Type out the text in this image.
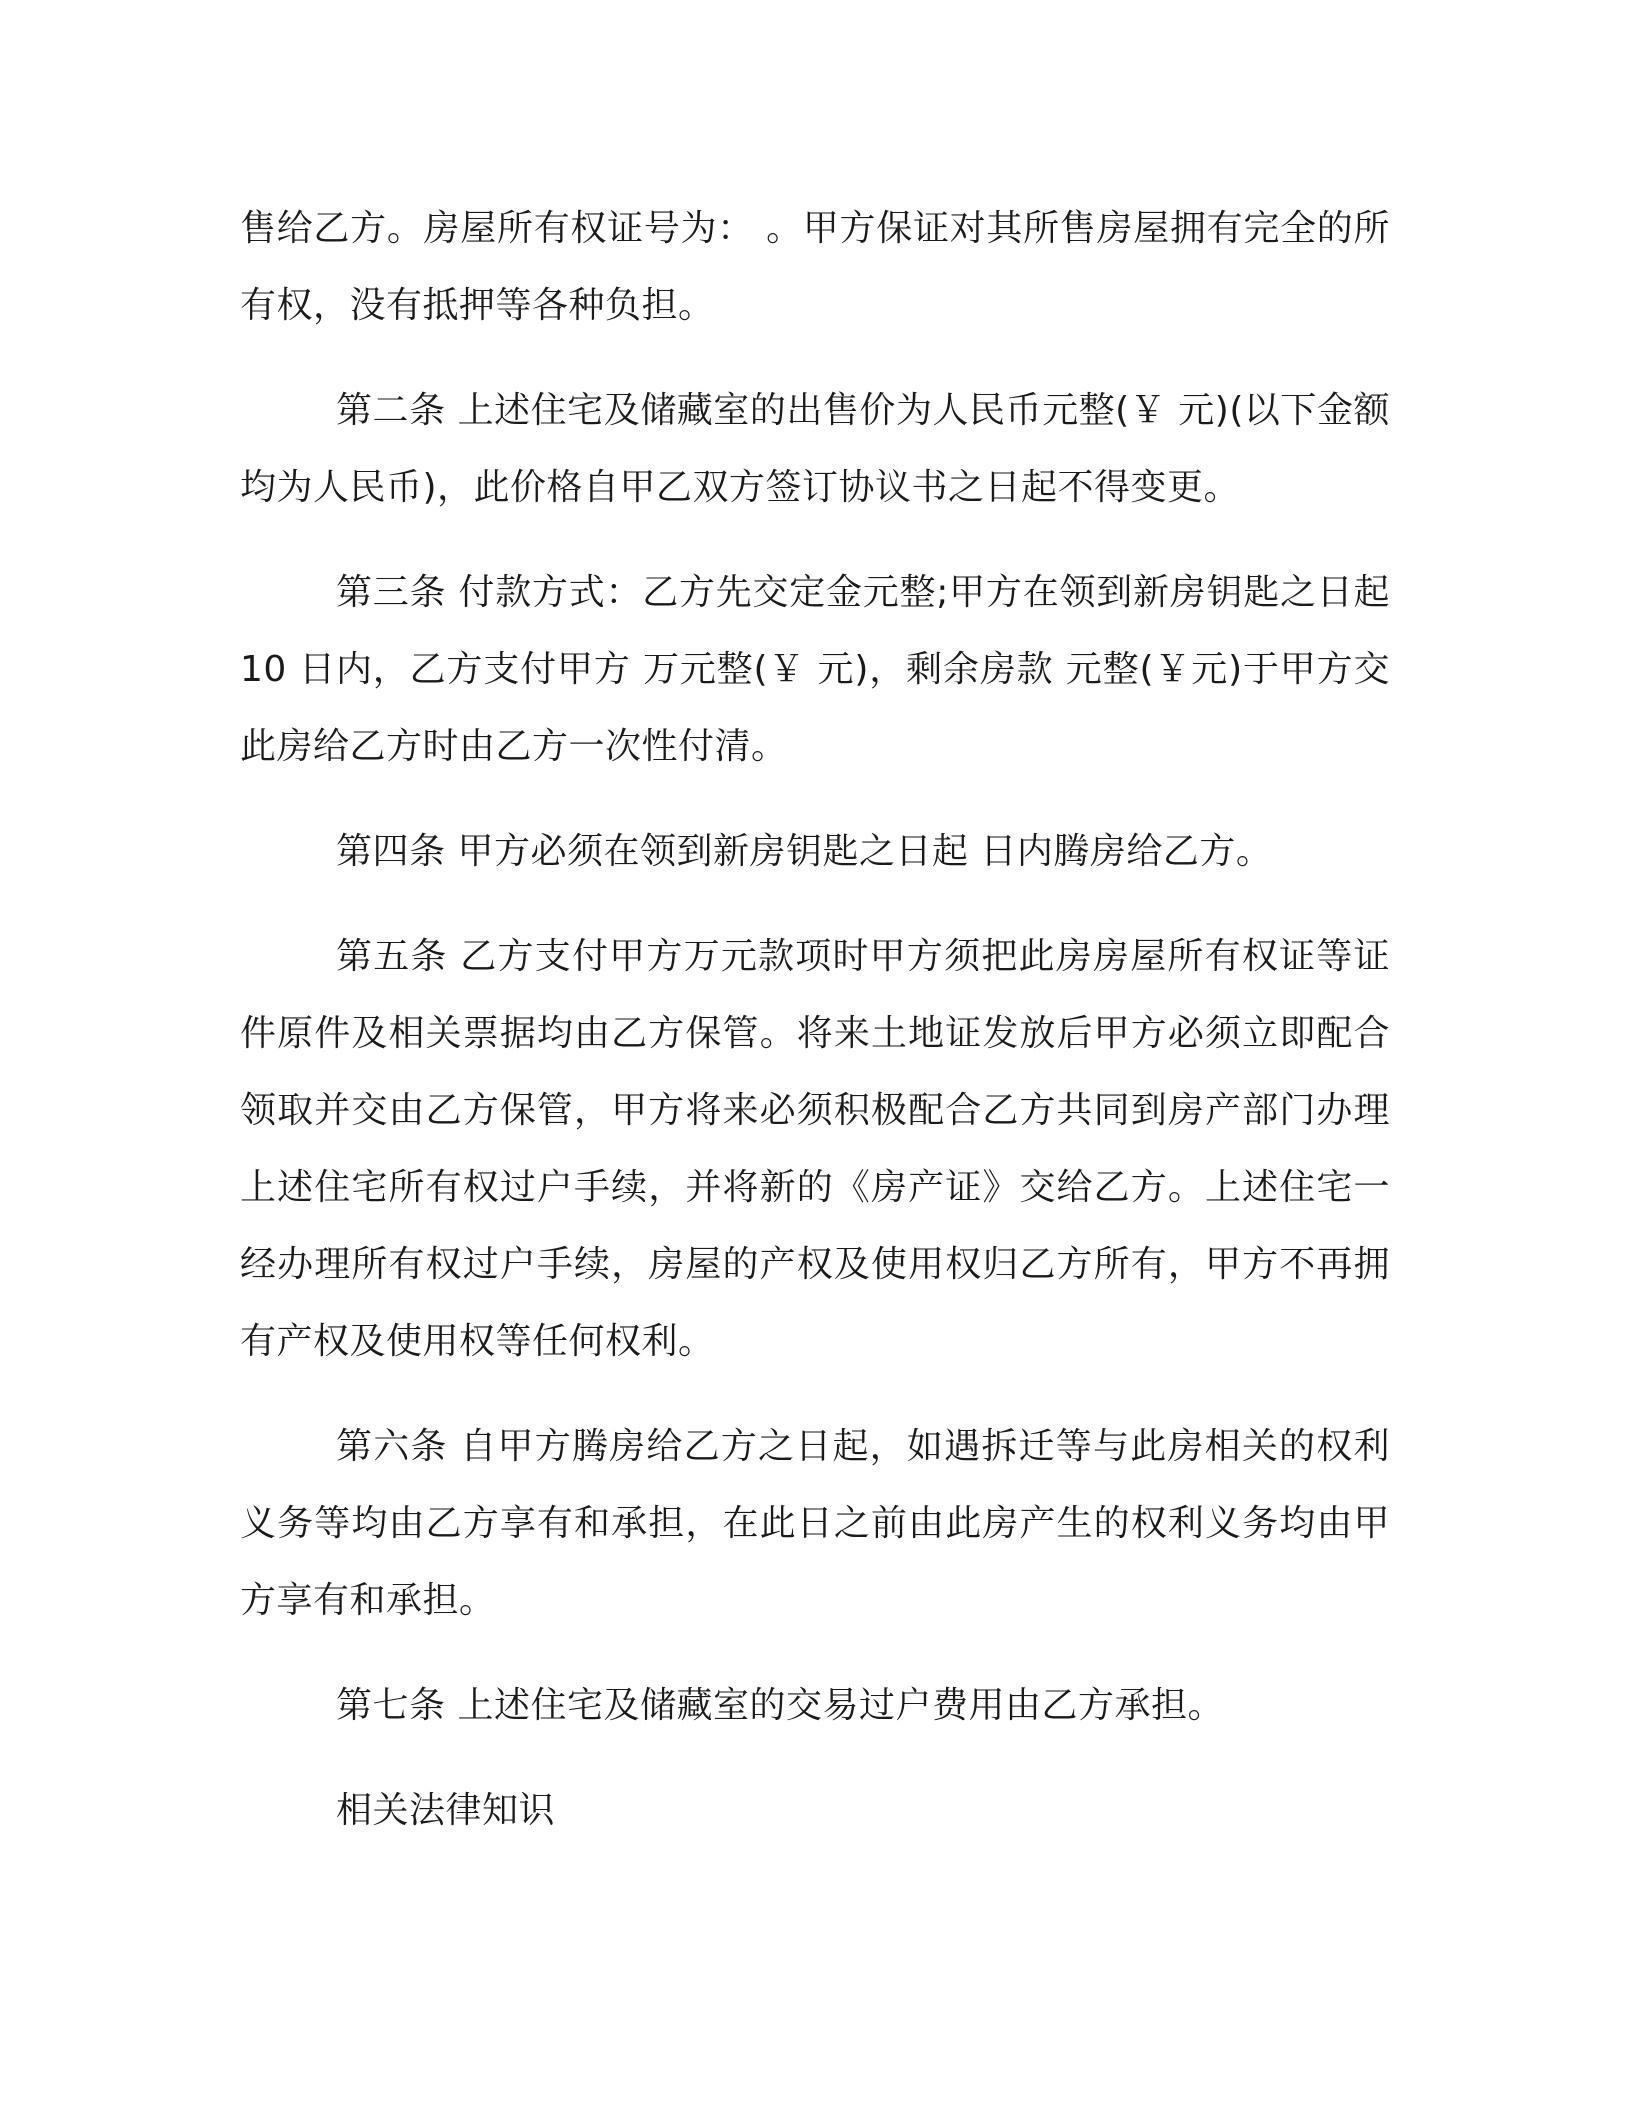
售给乙方。房屋所有权证号为： 。甲方保证对其所售房屋拥有完全的所有权，没有抵押等各种负担。

第二条 上述住宅及储藏室的出售价为人民币元整(￥ 元)(以下金额均为人民币)，此价格自甲乙双方签订协议书之日起不得变更。

第三条 付款方式：乙方先交定金元整;甲方在领到新房钥匙之日起 10 日内，乙方支付甲方 万元整(￥ 元)，剩余房款 元整(￥元)于甲方交此房给乙方时由乙方一次性付清。

第四条 甲方必须在领到新房钥匙之日起 日内腾房给乙方。

第五条 乙方支付甲方万元款项时甲方须把此房房屋所有权证等证件原件及相关票据均由乙方保管。将来土地证发放后甲方必须立即配合领取并交由乙方保管，甲方将来必须积极配合乙方共同到房产部门办理上述住宅所有权过户手续，并将新的《房产证》交给乙方。上述住宅一经办理所有权过户手续，房屋的产权及使用权归乙方所有，甲方不再拥有产权及使用权等任何权利。

第六条 自甲方腾房给乙方之日起，如遇拆迁等与此房相关的权利义务等均由乙方享有和承担，在此日之前由此房产生的权利义务均由甲方享有和承担。

第七条 上述住宅及储藏室的交易过户费用由乙方承担。

相关法律知识
